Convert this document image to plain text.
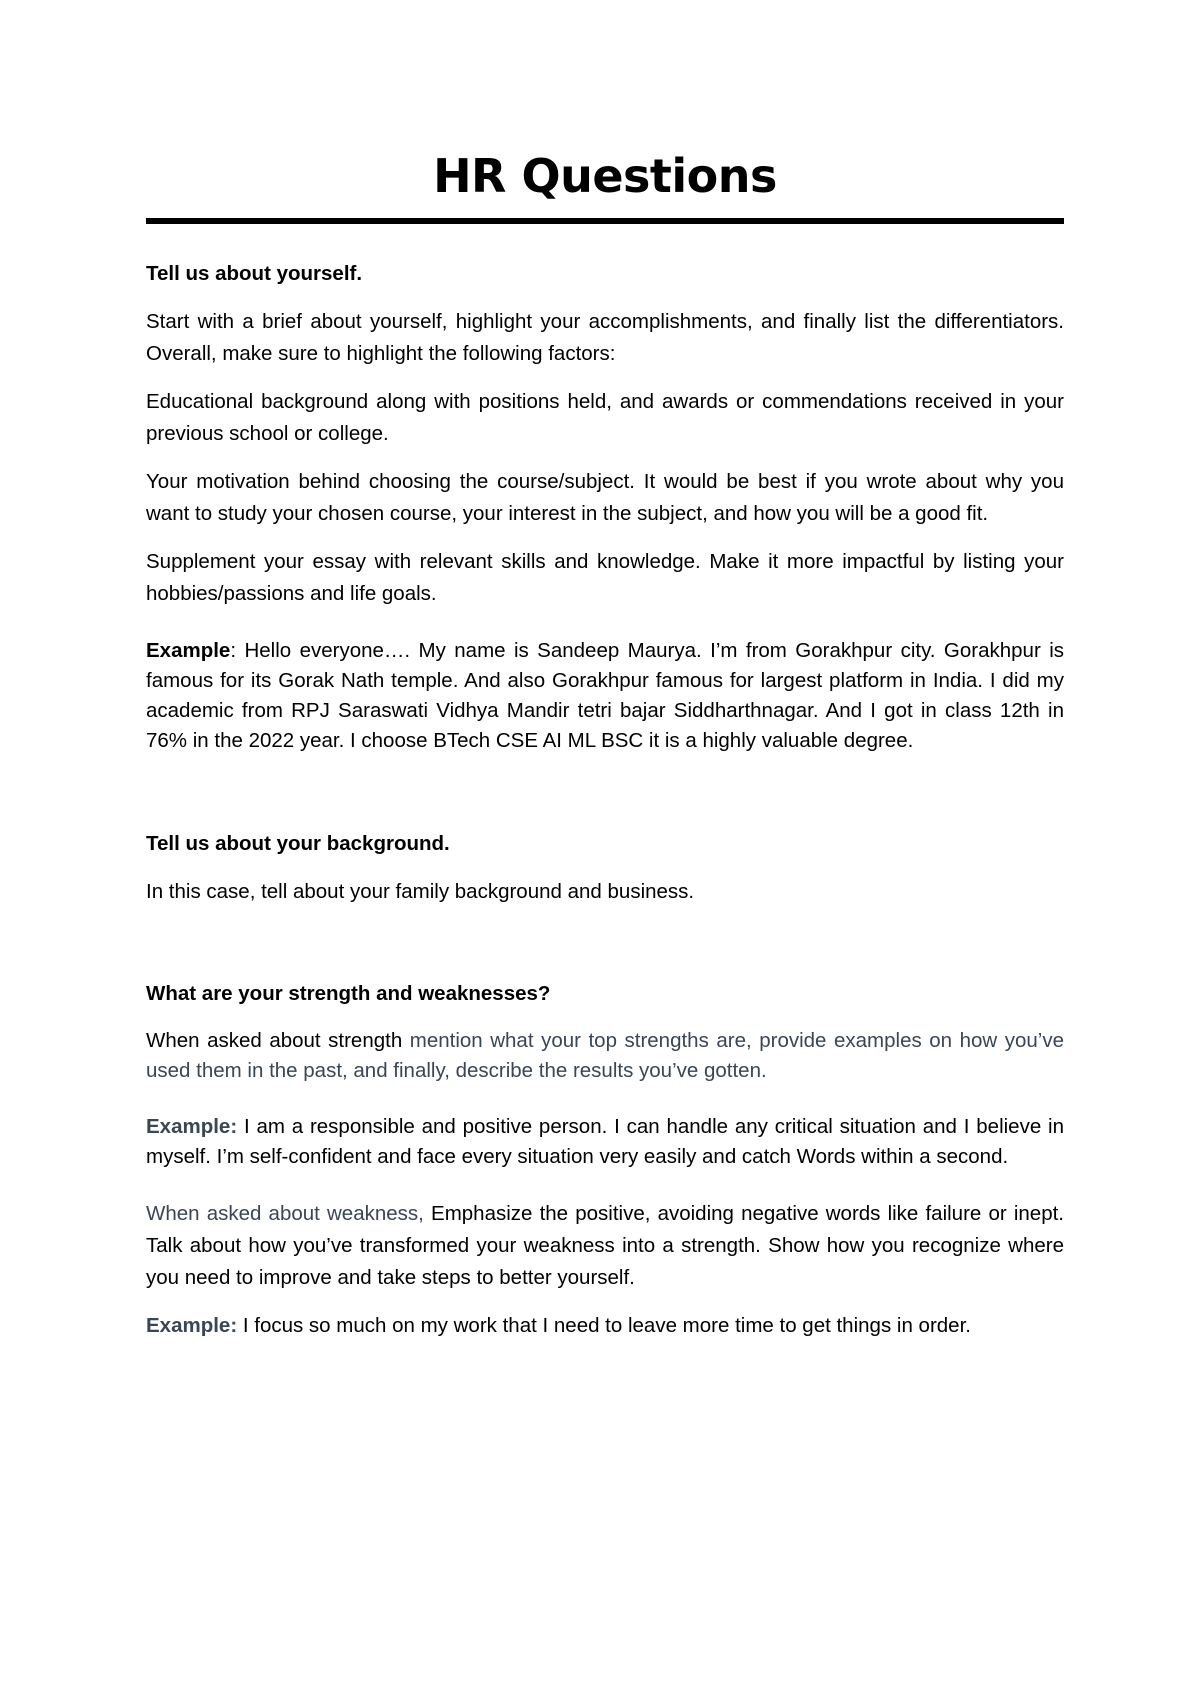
HR Questions

Tell us about yourself.

Start with a brief about yourself, highlight your accomplishments, and finally list the differentiators. Overall, make sure to highlight the following factors:

Educational background along with positions held, and awards or commendations received in your previous school or college.

Your motivation behind choosing the course/subject. It would be best if you wrote about why you want to study your chosen course, your interest in the subject, and how you will be a good fit.

Supplement your essay with relevant skills and knowledge. Make it more impactful by listing your hobbies/passions and life goals.

Example: Hello everyone…. My name is Sandeep Maurya. I’m from Gorakhpur city. Gorakhpur is famous for its Gorak Nath temple. And also Gorakhpur famous for largest platform in India. I did my academic from RPJ Saraswati Vidhya Mandir tetri bajar Siddharthnagar. And I got in class 12th in 76% in the 2022 year. I choose BTech CSE AI ML BSC it is a highly valuable degree.

Tell us about your background.

In this case, tell about your family background and business.

What are your strength and weaknesses?

When asked about strength mention what your top strengths are, provide examples on how you’ve used them in the past, and finally, describe the results you’ve gotten.

Example: I am a responsible and positive person. I can handle any critical situation and I believe in myself. I’m self-confident and face every situation very easily and catch Words within a second.

When asked about weakness, Emphasize the positive, avoiding negative words like failure or inept. Talk about how you’ve transformed your weakness into a strength. Show how you recognize where you need to improve and take steps to better yourself.

Example: I focus so much on my work that I need to leave more time to get things in order.
